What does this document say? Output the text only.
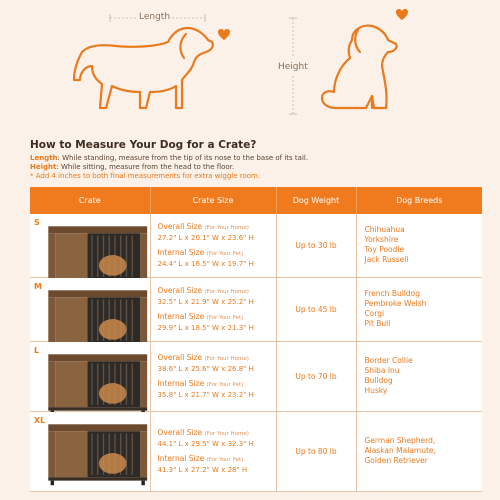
Length
Height
How to Measure Your Dog for a Crate?
Length: While standing, measure from the tip of its nose to the base of its tail.
Height: While sitting, measure from the head to the floor.
* Add 4 inches to both final measurements for extra wiggle room.
Crate	Crate Size	Dog Weight	Dog Breeds

S	Overall Size (For Your Home)
27.2" L x 20.1" W x 23.6" H
Internal Size (For Your Pet)
24.4" L x 16.5" W x 19.7" H	Up to 30 lb	Chihuahua
Yorkshire
Toy Poodle
Jack Russell

M	Overall Size (For Your Home)
32.5" L x 21.9" W x 25.2" H
Internal Size (For Your Pet)
29.9" L x 18.5" W x 21.3" H	Up to 45 lb	French Bulldog
Pembroke Welsh
Corgi
Pit Bull

L	Overall Size (For Your Home)
38.6" L x 25.6" W x 26.8" H
Internal Size (For Your Pet)
35.8" L x 21.7" W x 23.2" H	Up to 70 lb	Border Collie
Shiba Inu
Bulldog
Husky

XL	Overall Size (For Your Home)
44.1" L x 29.5" W x 32.3" H
Internal Size (For Your Pet)
41.3" L x 27.2" W x 28" H	Up to 80 lb	German Shepherd,
Alaskan Malamute,
Golden Retriever
